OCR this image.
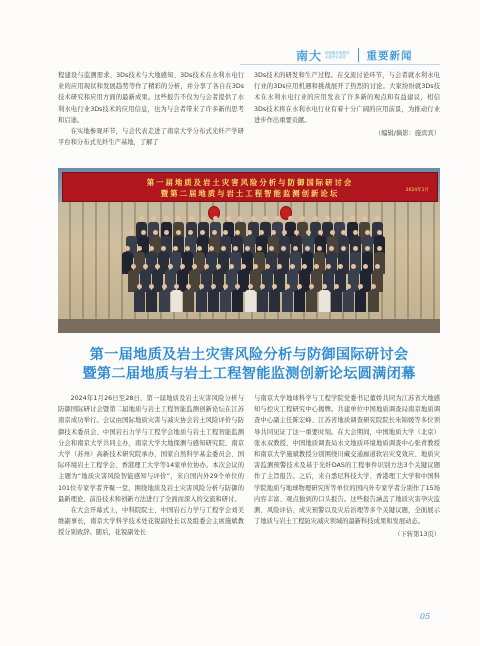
南大 国家级实验教学
示范中心动态	重要新闻

程建设与监测需求、3Ds技术与大地感知、3Ds技术在水利水电行业的应用现状和发展趋势等作了精彩的分析，并分享了各自在3Ds技术研究和应用方面的最新成果。这些报告不仅为与会者提供了水利水电行业3Ds技术的应用信息，也为与会者带来了许多新的思考和启迪。

在实地参观环节，与会代表走进了南京大学分布式光纤产学研平台和分布式光纤生产基地，了解了

3Ds技术的研发和生产过程。在交流讨论环节，与会者就水利水电行业的3Ds应用机遇和挑战展开了热烈的讨论。大家纷纷就3Ds技术在水利水电行业的应用发表了许多新的观点和有益建议，相信3Ds技术将在水利水电行业有着十分广阔的应用前景，为推动行业进步作出重要贡献。

（编辑/摘影：施宾宾）

第一届地质及岩土灾害风险分析与防御国际研讨会
暨第二届地质与岩土工程智能监测创新论坛	2024年1月
第一届地质及岩土灾害风险分析与防御国际研讨会
暨第二届地质与岩土工程智能监测创新论坛圆满闭幕

2024年1月26日至28日，第一届地质及岩土灾害风险分析与防御国际研讨会暨第二届地质与岩土工程智能监测创新论坛在江苏南京成功举行。会议由国际地质灾害与减灾协会岩土风险评价与防御技术委员会、中国岩石力学与工程学会地质与岩土工程智能监测分会和南京大学共同主办，南京大学大地探测与感知研究院、南京大学（苏州）高新技术研究院承办，国家自然科学基金委员会、国际环境岩土工程学会、香港理工大学等14家单位协办。本次会议的主题为“地质灾害风险智能感知与评价”，来自国内外29个单位的101位专家学者齐聚一堂，围绕地质及岩土灾害风险分析与防御的最新理论、前沿技术和创新方法进行了全面而深入的交流和研讨。

在大会开幕式上，中科院院士、中国岩石力学与工程学会刘美维副事长，南京大学科学技术处花锐副处长以及组委会主席施斌教授分别致辞。随后，花锐副处长

与南京大学地球科学与工程学院党委书记董娇共同为江苏省大地感知与控灾工程研究中心揭牌。共建单位中国地质调查局南京地质调查中心副主任陈宏峰、江苏省地质调查研究院院长朱锦媛等多位领导共同见证了这一重要时刻。在大会期间，中国地质大学（北京）张永双教授、中国地质调查局水文地质环境地质调查中心张青教授和南京大学施斌教授分别围绕川藏交通廊道软岩灾变效应、地质灾害监测预警技术及基于光纤DAS的工程事件识别方法3个关键议题作了主旨报告。之后，来自悉尼科技大学、香港理工大学和中国科学院地质与地球物理研究所等单位的国内外专家学者分别作了15场内容丰富、观点独到的口头报告。这些报告涵盖了地质灾害孕灾监测、风险评估、成灾预警以及灾后治理等多个关键议题，全面展示了地质与岩土工程防灾减灾领域的最新科技成果和发展动态。

（下转第13页）

05
